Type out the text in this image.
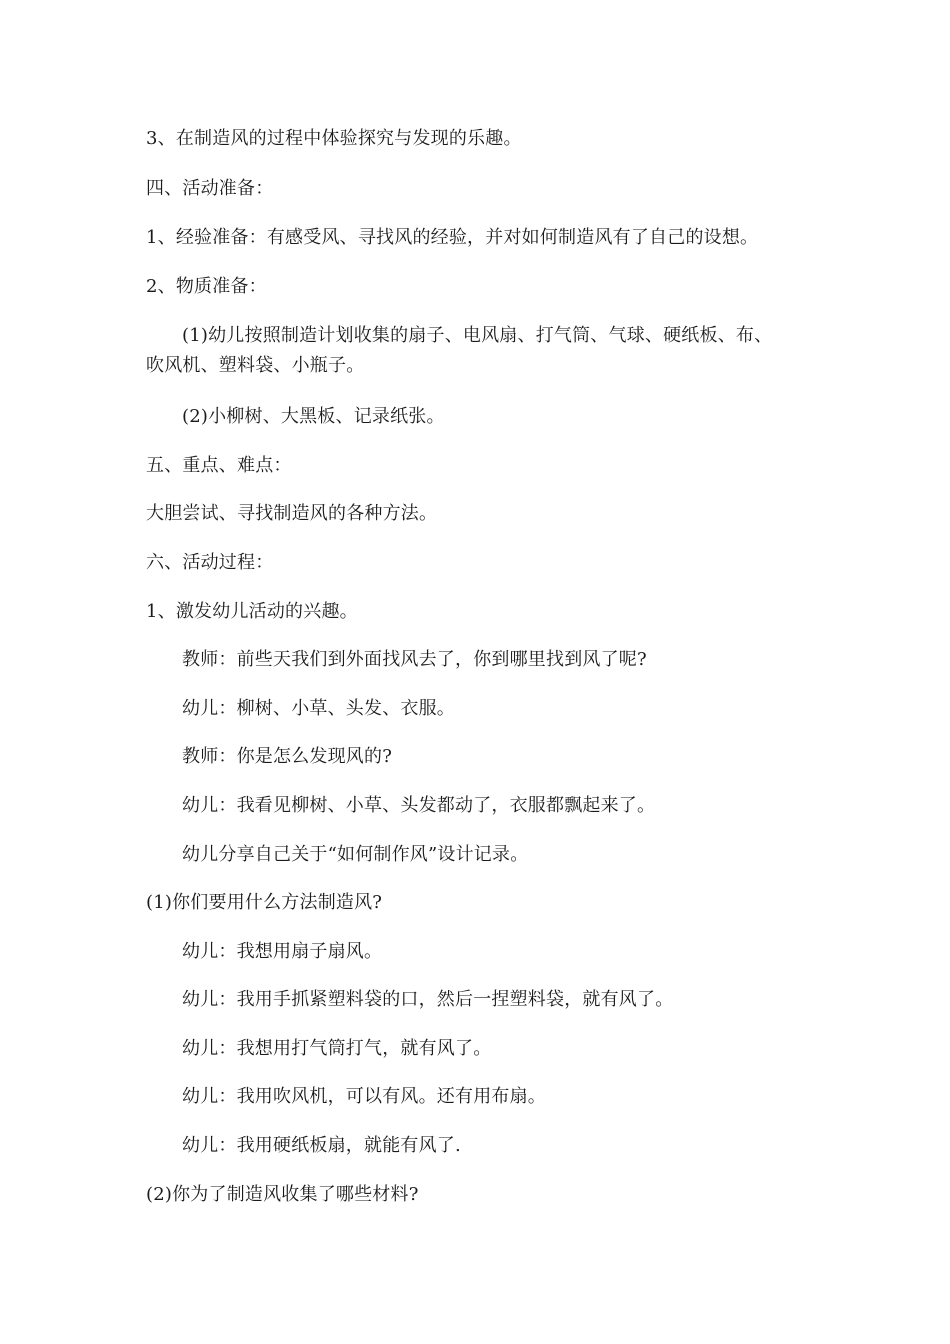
3、在制造风的过程中体验探究与发现的乐趣。
四、活动准备：
1、经验准备：有感受风、寻找风的经验，并对如何制造风有了自己的设想。
2、物质准备：
(1)幼儿按照制造计划收集的扇子、电风扇、打气筒、气球、硬纸板、布、
吹风机、塑料袋、小瓶子。
(2)小柳树、大黑板、记录纸张。
五、重点、难点：
大胆尝试、寻找制造风的各种方法。
六、活动过程：
1、激发幼儿活动的兴趣。
教师：前些天我们到外面找风去了，你到哪里找到风了呢?
幼儿：柳树、小草、头发、衣服。
教师：你是怎么发现风的?
幼儿：我看见柳树、小草、头发都动了，衣服都飘起来了。
幼儿分享自己关于“如何制作风”设计记录。
(1)你们要用什么方法制造风?
幼儿：我想用扇子扇风。
幼儿：我用手抓紧塑料袋的口，然后一捏塑料袋，就有风了。
幼儿：我想用打气筒打气，就有风了。
幼儿：我用吹风机，可以有风。还有用布扇。
幼儿：我用硬纸板扇，就能有风了.
(2)你为了制造风收集了哪些材料?
